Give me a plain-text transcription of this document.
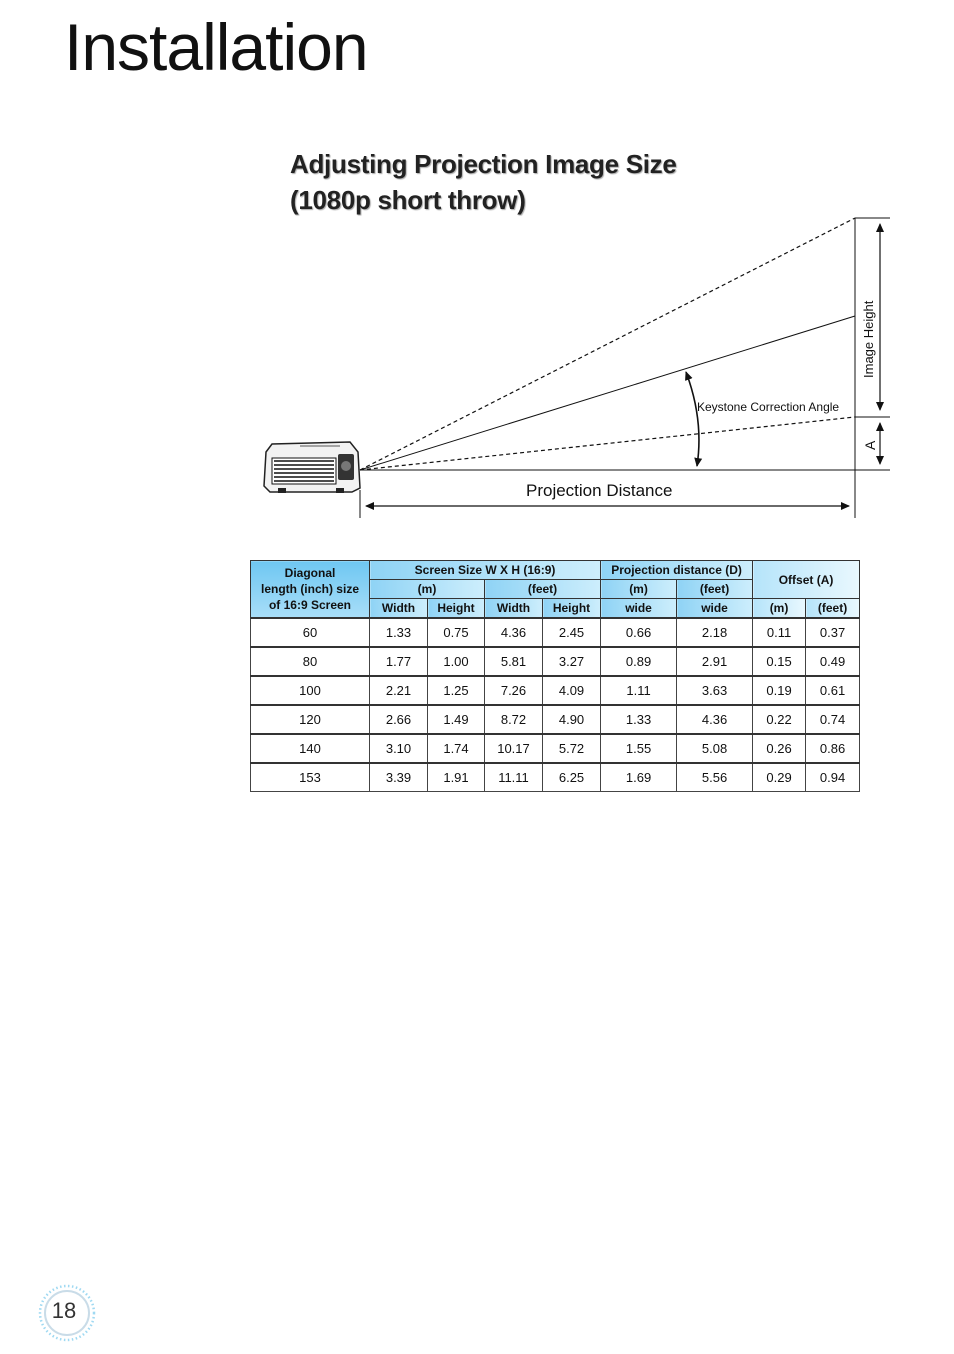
Installation
Adjusting Projection Image Size
(1080p short throw)
Image Height
A
Keystone Correction Angle
Projection Distance
Diagonal
length (inch) size
of 16:9 Screen	Screen Size W X H (16:9)				Projection distance (D)		Offset (A)	
	(m)		(feet)		(m)	(feet)		
	Width	Height	Width	Height	wide	wide	(m)	(feet)
60	1.33	0.75	4.36	2.45	0.66	2.18	0.11	0.37
80	1.77	1.00	5.81	3.27	0.89	2.91	0.15	0.49
100	2.21	1.25	7.26	4.09	1.11	3.63	0.19	0.61
120	2.66	1.49	8.72	4.90	1.33	4.36	0.22	0.74
140	3.10	1.74	10.17	5.72	1.55	5.08	0.26	0.86
153	3.39	1.91	11.11	6.25	1.69	5.56	0.29	0.94
18
